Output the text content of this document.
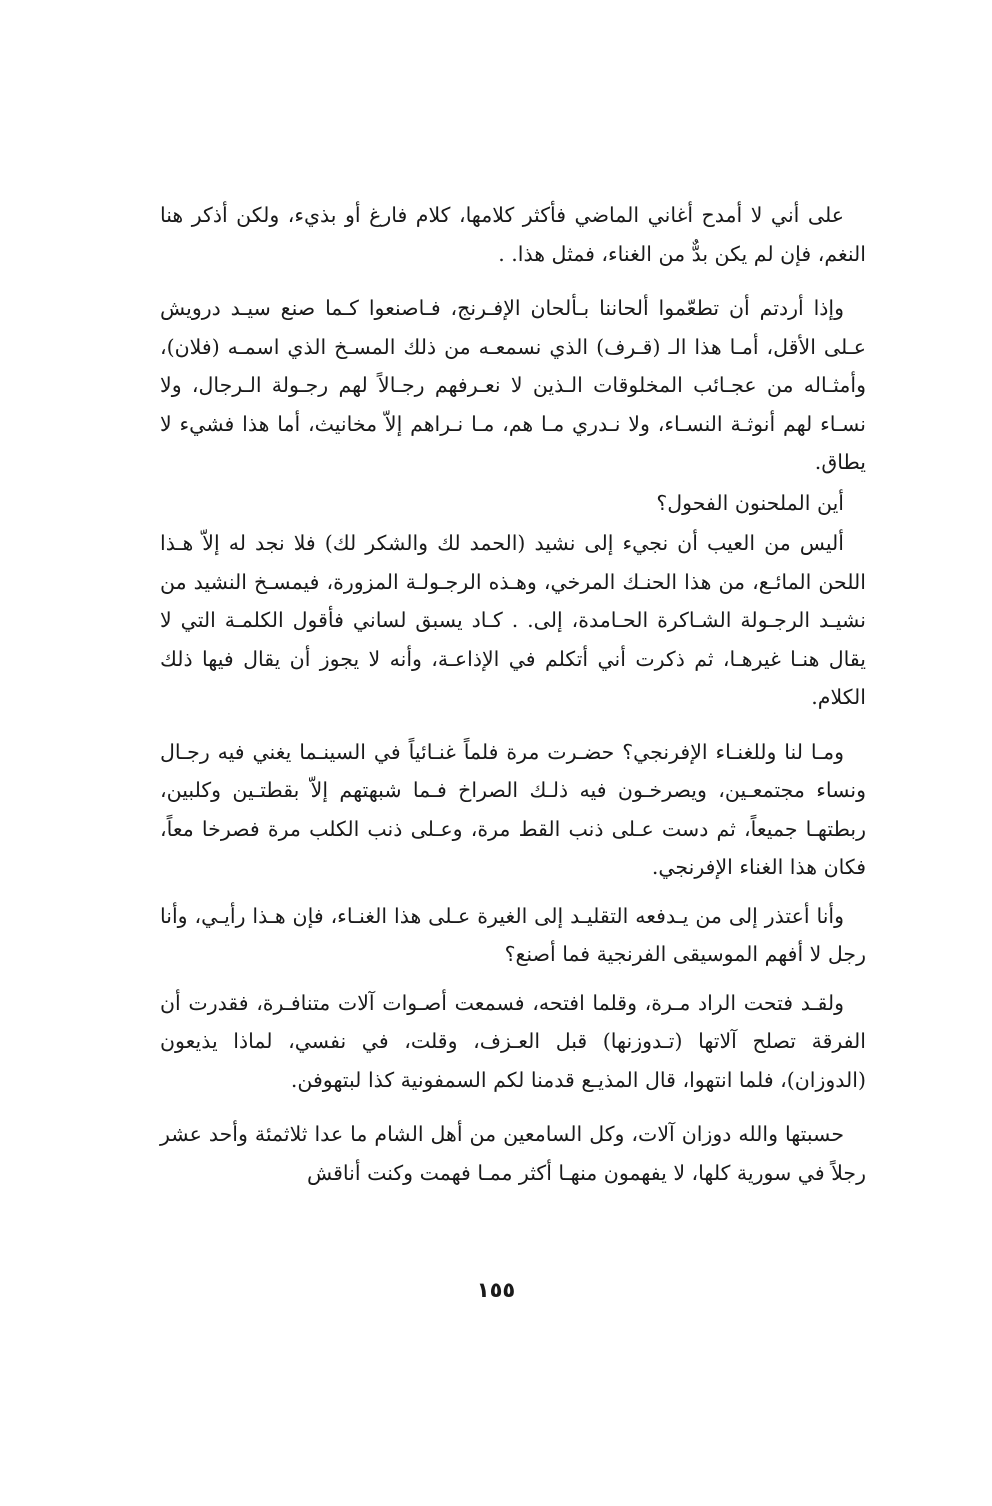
على أني لا أمدح أغاني الماضي فأكثر كلامها، كلام فارغ أو بذيء، ولكن أذكر هنا النغم، فإن لم يكن بدٌّ من الغناء، فمثل هذا. .

وإذا أردتم أن تطعّموا ألحاننا بـألحان الإفـرنج، فـاصنعوا كـما صنع سيـد درويش عـلى الأقل، أمـا هذا الـ (قـرف) الذي نسمعـه من ذلك المسـخ الذي اسمـه (فلان)، وأمثـاله من عجـائب المخلوقات الـذين لا نعـرفهم رجـالاً لهم رجـولة الـرجال، ولا نسـاء لهم أنوثـة النسـاء، ولا نـدري مـا هم، مـا نـراهم إلاّ مخانيث، أما هذا فشيء لا يطاق.

أين الملحنون الفحول؟

أليس من العيب أن نجيء إلى نشيد (الحمد لك والشكر لك) فلا نجد له إلاّ هـذا اللحن المائـع، من هذا الحنـك المرخي، وهـذه الرجـولـة المزورة، فيمسـخ النشيد من نشيـد الرجـولة الشـاكرة الحـامدة، إلى. . كـاد يسبق لساني فأقول الكلمـة التي لا يقال هنـا غيرهـا، ثم ذكرت أني أتكلم في الإذاعـة، وأنه لا يجوز أن يقال فيها ذلك الكلام.

ومـا لنا وللغنـاء الإفرنجي؟ حضـرت مرة فلماً غنـائياً في السينـما يغني فيه رجـال ونساء مجتمعـين، ويصرخـون فيه ذلـك الصراخ فـما شبهتهم إلاّ بقطتـين وكلبين، ربطتهـا جميعاً، ثم دست عـلى ذنب القط مرة، وعـلى ذنب الكلب مرة فصرخا معاً، فكان هذا الغناء الإفرنجي.

وأنا أعتذر إلى من يـدفعه التقليـد إلى الغيرة عـلى هذا الغنـاء، فإن هـذا رأيـي، وأنا رجل لا أفهم الموسيقى الفرنجية فما أصنع؟

ولقـد فتحت الراد مـرة، وقلما افتحه، فسمعت أصـوات آلات متنافـرة، فقدرت أن الفرقة تصلح آلاتها (تـدوزنها) قبل العـزف، وقلت، في نفسي، لماذا يذيعون (الدوزان)، فلما انتهوا، قال المذيـع قدمنا لكم السمفونية كذا لبتهوفن.

حسبتها والله دوزان آلات، وكل السامعين من أهل الشام ما عدا ثلاثمئة وأحد عشر رجلاً في سورية كلها، لا يفهمون منهـا أكثر ممـا فهمت وكنت أناقش

١٥٥
